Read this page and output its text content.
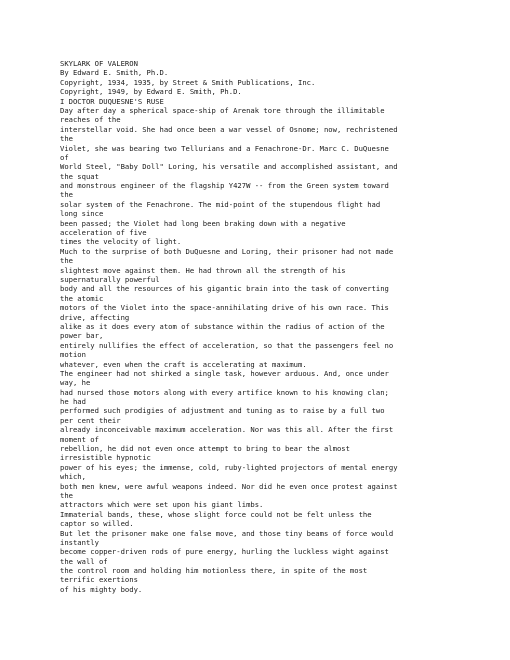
SKYLARK OF VALERON
By Edward E. Smith, Ph.D.
Copyright, 1934, 1935, by Street & Smith Publications, Inc.
Copyright, 1949, by Edward E. Smith, Ph.D.
I DOCTOR DUQUESNE'S RUSE
Day after day a spherical space-ship of Arenak tore through the illimitable
reaches of the
interstellar void. She had once been a war vessel of Osnome; now, rechristened
the
Violet, she was bearing two Tellurians and a Fenachrone-Dr. Marc C. DuQuesne
of
World Steel, "Baby Doll" Loring, his versatile and accomplished assistant, and
the squat
and monstrous engineer of the flagship Y427W -- from the Green system toward
the
solar system of the Fenachrone. The mid-point of the stupendous flight had
long since
been passed; the Violet had long been braking down with a negative
acceleration of five
times the velocity of light.
Much to the surprise of both DuQuesne and Loring, their prisoner had not made
the
slightest move against them. He had thrown all the strength of his
supernaturally powerful
body and all the resources of his gigantic brain into the task of converting
the atomic
motors of the Violet into the space-annihilating drive of his own race. This
drive, affecting
alike as it does every atom of substance within the radius of action of the
power bar,
entirely nullifies the effect of acceleration, so that the passengers feel no
motion
whatever, even when the craft is accelerating at maximum.
The engineer had not shirked a single task, however arduous. And, once under
way, he
had nursed those motors along with every artifice known to his knowing clan;
he had
performed such prodigies of adjustment and tuning as to raise by a full two
per cent their
already inconceivable maximum acceleration. Nor was this all. After the first
moment of
rebellion, he did not even once attempt to bring to bear the almost
irresistible hypnotic
power of his eyes; the immense, cold, ruby-lighted projectors of mental energy
which,
both men knew, were awful weapons indeed. Nor did he even once protest against
the
attractors which were set upon his giant limbs.
Immaterial bands, these, whose slight force could not be felt unless the
captor so willed.
But let the prisoner make one false move, and those tiny beams of force would
instantly
become copper-driven rods of pure energy, hurling the luckless wight against
the wall of
the control room and holding him motionless there, in spite of the most
terrific exertions
of his mighty body.
